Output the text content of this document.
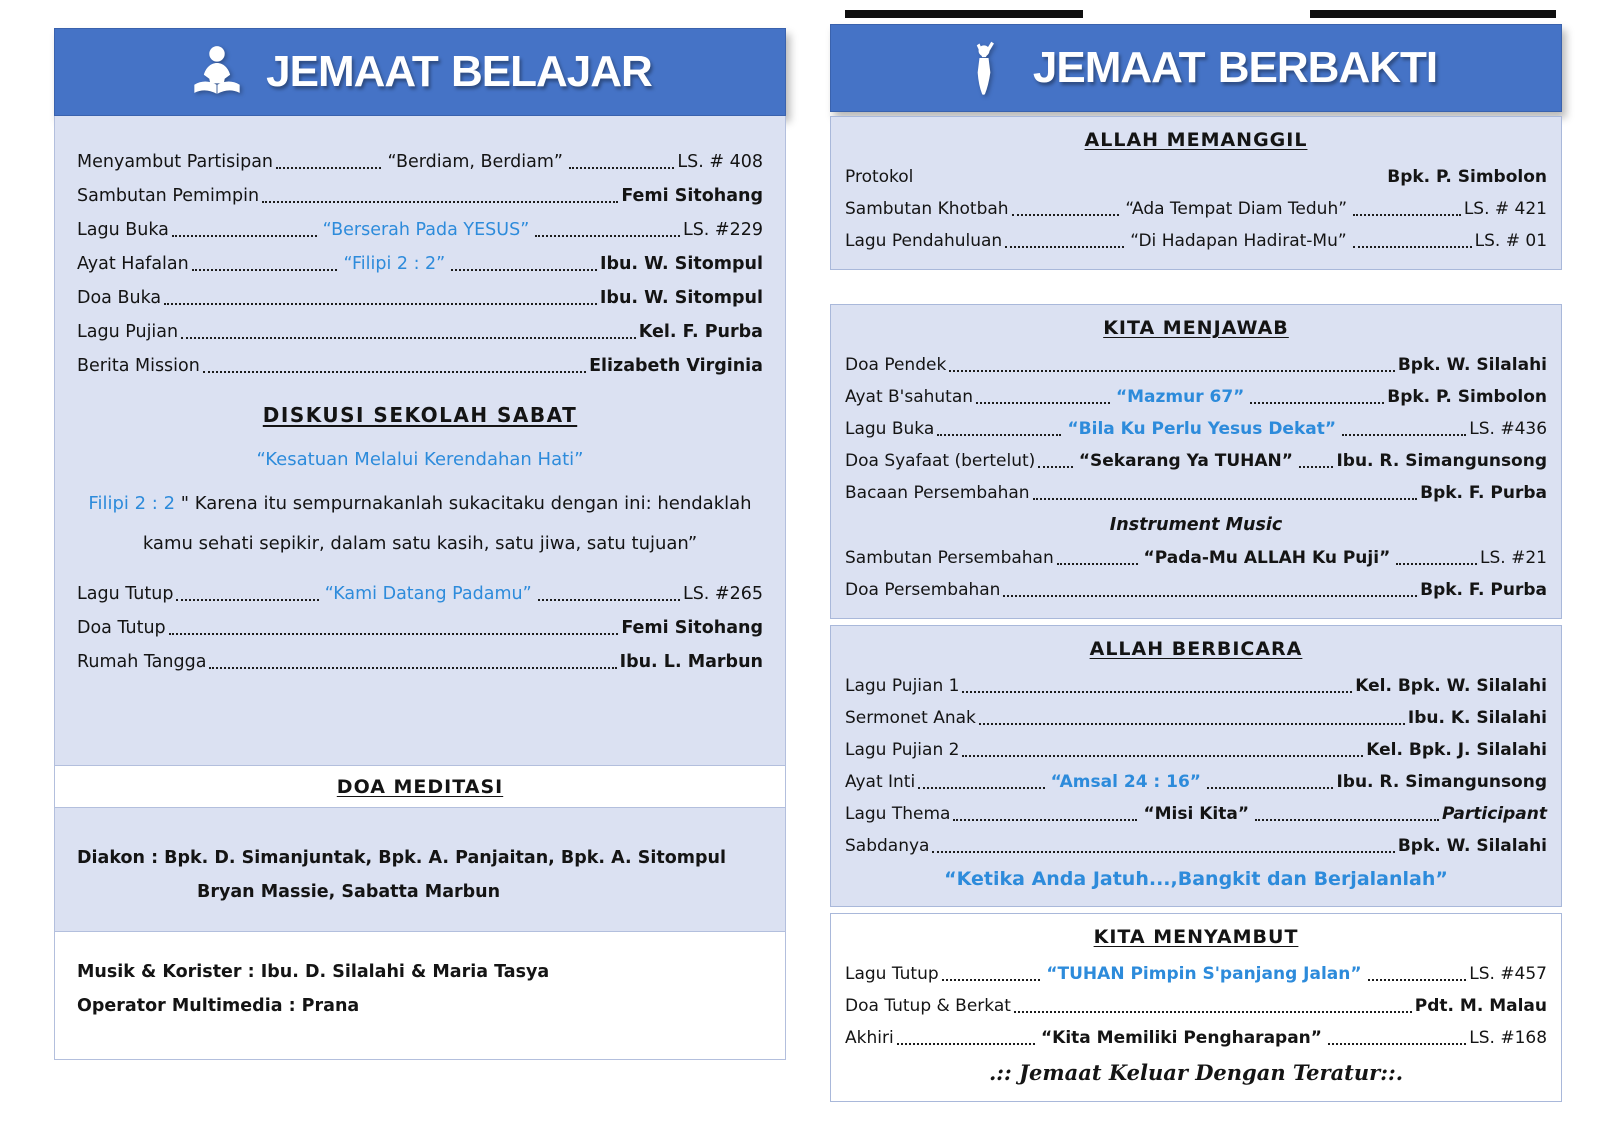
JEMAAT BELAJAR
Menyambut Partisipan	“Berdiam, Berdiam”	LS. # 408
Sambutan Pemimpin	Femi Sitohang
Lagu Buka	“Berserah Pada YESUS”	LS. #229
Ayat Hafalan	“Filipi 2 : 2”	Ibu. W. Sitompul
Doa Buka	Ibu. W. Sitompul
Lagu Pujian	Kel. F. Purba
Berita Mission	Elizabeth Virginia
DISKUSI SEKOLAH SABAT
“Kesatuan Melalui Kerendahan Hati”
Filipi 2 : 2 " Karena itu sempurnakanlah sukacitaku dengan ini: hendaklah kamu sehati sepikir, dalam satu kasih, satu jiwa, satu tujuan”
Lagu Tutup	“Kami Datang Padamu”	LS. #265
Doa Tutup	Femi Sitohang
Rumah Tangga	Ibu. L. Marbun
DOA MEDITASI
Diakon : Bpk. D. Simanjuntak, Bpk. A. Panjaitan, Bpk. A. Sitompul
Bryan Massie, Sabatta Marbun
Musik & Korister : Ibu. D. Silalahi & Maria Tasya
Operator Multimedia : Prana
JEMAAT BERBAKTI
ALLAH MEMANGGIL
Protokol	Bpk. P. Simbolon
Sambutan Khotbah	“Ada Tempat Diam Teduh”	LS. # 421
Lagu Pendahuluan	“Di Hadapan Hadirat-Mu”	LS. # 01
KITA MENJAWAB
Doa Pendek	Bpk. W. Silalahi
Ayat B'sahutan	“Mazmur 67”	Bpk. P. Simbolon
Lagu Buka	“Bila Ku Perlu Yesus Dekat”	LS. #436
Doa Syafaat (bertelut)	“Sekarang Ya TUHAN”	Ibu. R. Simangunsong
Bacaan Persembahan	Bpk. F. Purba
Instrument Music
Sambutan Persembahan	“Pada-Mu ALLAH Ku Puji”	LS. #21
Doa Persembahan	Bpk. F. Purba
ALLAH BERBICARA
Lagu Pujian 1	Kel. Bpk. W. Silalahi
Sermonet Anak	Ibu. K. Silalahi
Lagu Pujian 2	Kel. Bpk. J. Silalahi
Ayat Inti	“Amsal 24 : 16”	Ibu. R. Simangunsong
Lagu Thema	“Misi Kita”	Participant
Sabdanya	Bpk. W. Silalahi
“Ketika Anda Jatuh...,Bangkit dan Berjalanlah”
KITA MENYAMBUT
Lagu Tutup	“TUHAN Pimpin S'panjang Jalan”	LS. #457
Doa Tutup & Berkat	Pdt. M. Malau
Akhiri	“Kita Memiliki Pengharapan”	LS. #168
.:: Jemaat Keluar Dengan Teratur::.
